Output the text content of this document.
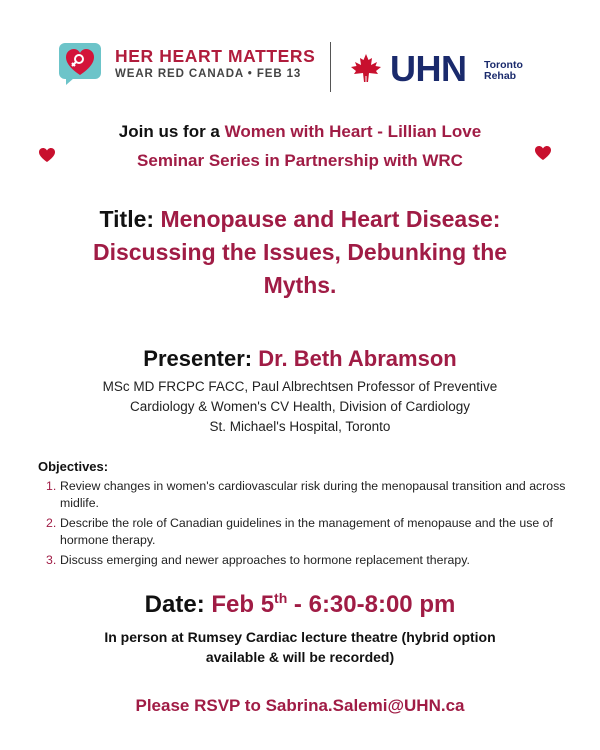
HER HEART MATTERS
WEAR RED CANADA • FEB 13	UHN Toronto
Rehab
Join us for a Women with Heart - Lillian Love
Seminar Series in Partnership with WRC
Title: Menopause and Heart Disease:
Discussing the Issues, Debunking the
Myths.
Presenter: Dr. Beth Abramson
MSc MD FRCPC FACC, Paul Albrechtsen Professor of Preventive
Cardiology & Women's CV Health, Division of Cardiology
St. Michael's Hospital, Toronto
Objectives:
1. Review changes in women's cardiovascular risk during the menopausal transition and across midlife.
2. Describe the role of Canadian guidelines in the management of menopause and the use of hormone therapy.
3. Discuss emerging and newer approaches to hormone replacement therapy.
Date: Feb 5th - 6:30-8:00 pm
In person at Rumsey Cardiac lecture theatre (hybrid option
available & will be recorded)
Please RSVP to Sabrina.Salemi@UHN.ca
